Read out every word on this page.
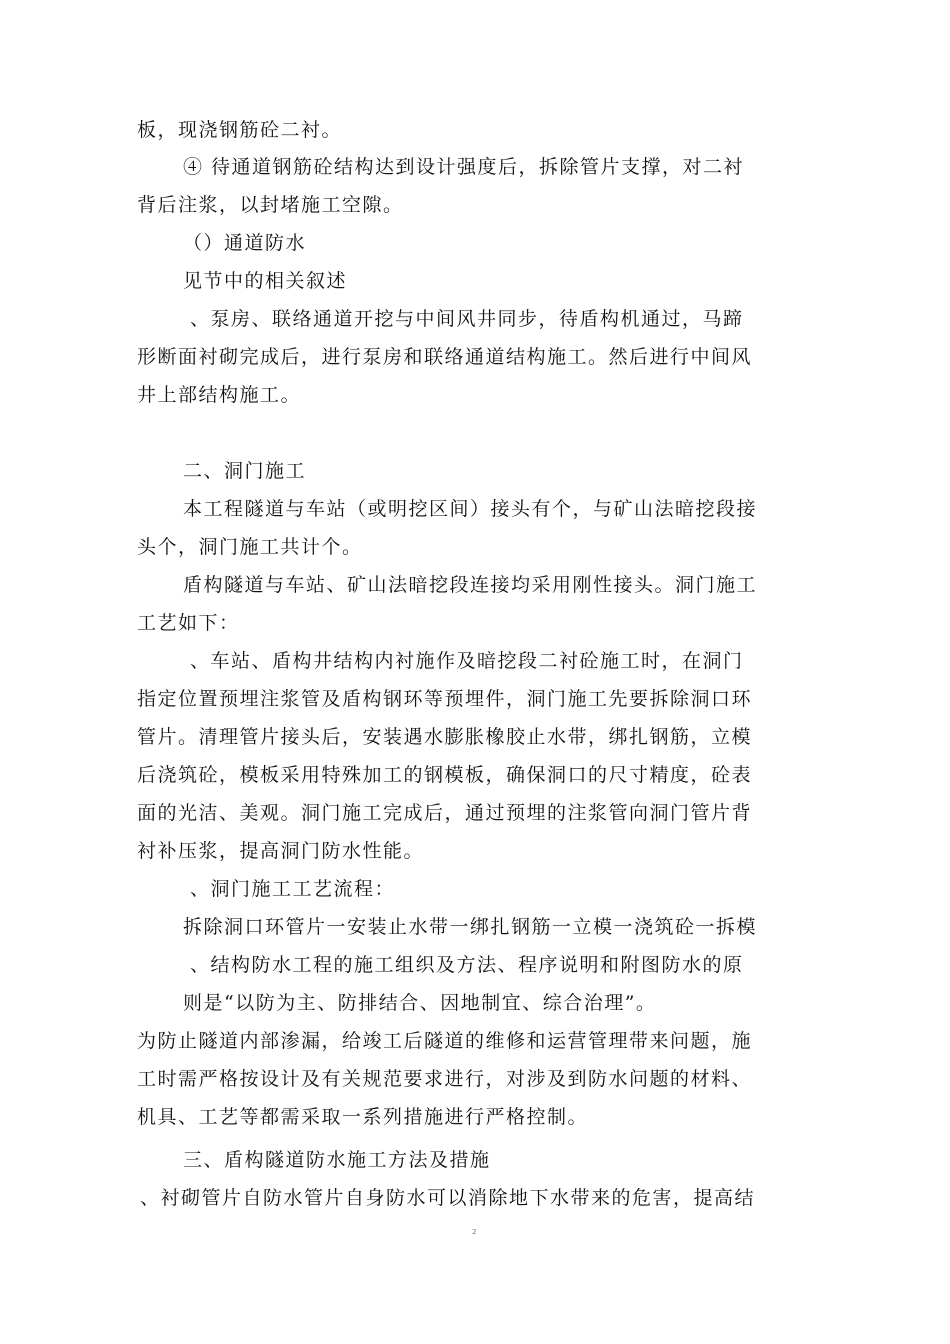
板，现浇钢筋砼二衬。
④ 待通道钢筋砼结构达到设计强度后，拆除管片支撑，对二衬
背后注浆，以封堵施工空隙。
（）通道防水
见节中的相关叙述
、泵房、联络通道开挖与中间风井同步，待盾构机通过，马蹄
形断面衬砌完成后，进行泵房和联络通道结构施工。然后进行中间风
井上部结构施工。
二、洞门施工
本工程隧道与车站（或明挖区间）接头有个，与矿山法暗挖段接
头个，洞门施工共计个。
盾构隧道与车站、矿山法暗挖段连接均采用刚性接头。洞门施工
工艺如下：
、车站、盾构井结构内衬施作及暗挖段二衬砼施工时，在洞门
指定位置预埋注浆管及盾构钢环等预埋件，洞门施工先要拆除洞口环
管片。清理管片接头后，安装遇水膨胀橡胶止水带，绑扎钢筋，立模
后浇筑砼，模板采用特殊加工的钢模板，确保洞口的尺寸精度，砼表
面的光洁、美观。洞门施工完成后，通过预埋的注浆管向洞门管片背
衬补压浆，提高洞门防水性能。
、洞门施工工艺流程：
拆除洞口环管片一安装止水带一绑扎钢筋一立模一浇筑砼一拆模
、结构防水工程的施工组织及方法、程序说明和附图防水的原
则是“以防为主、防排结合、因地制宜、综合治理”。
为防止隧道内部渗漏，给竣工后隧道的维修和运营管理带来问题，施
工时需严格按设计及有关规范要求进行，对涉及到防水问题的材料、
机具、工艺等都需采取一系列措施进行严格控制。
三、盾构隧道防水施工方法及措施
、衬砌管片自防水管片自身防水可以消除地下水带来的危害，提高结
2
